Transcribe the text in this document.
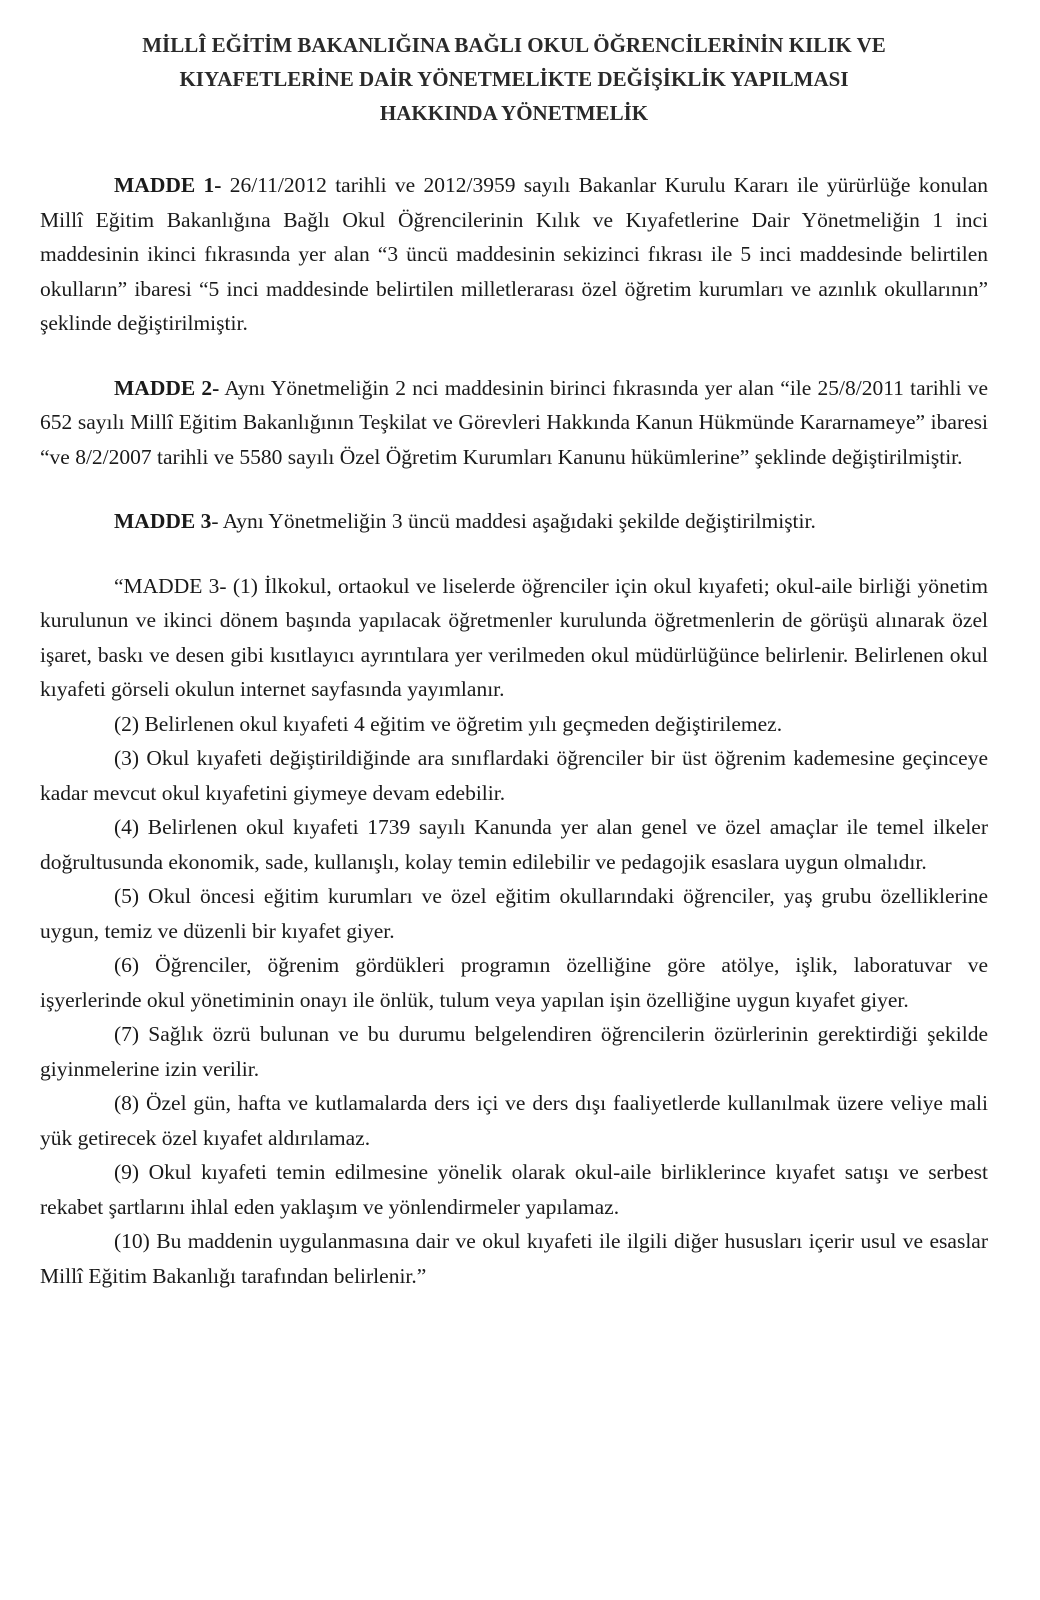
MİLLÎ EĞİTİM BAKANLIĞINA BAĞLI OKUL ÖĞRENCİLERİNİN KILIK VE
KIYAFETLERİNE DAİR YÖNETMELİKTE DEĞİŞİKLİK YAPILMASI
HAKKINDA YÖNETMELİK

MADDE 1- 26/11/2012 tarihli ve 2012/3959 sayılı Bakanlar Kurulu Kararı ile yürürlüğe konulan Millî Eğitim Bakanlığına Bağlı Okul Öğrencilerinin Kılık ve Kıyafetlerine Dair Yönetmeliğin 1 inci maddesinin ikinci fıkrasında yer alan “3 üncü maddesinin sekizinci fıkrası ile 5 inci maddesinde belirtilen okulların” ibaresi “5 inci maddesinde belirtilen milletlerarası özel öğretim kurumları ve azınlık okullarının” şeklinde değiştirilmiştir.

MADDE 2- Aynı Yönetmeliğin 2 nci maddesinin birinci fıkrasında yer alan “ile 25/8/2011 tarihli ve 652 sayılı Millî Eğitim Bakanlığının Teşkilat ve Görevleri Hakkında Kanun Hükmünde Kararnameye” ibaresi “ve 8/2/2007 tarihli ve 5580 sayılı Özel Öğretim Kurumları Kanunu hükümlerine” şeklinde değiştirilmiştir.

MADDE 3- Aynı Yönetmeliğin 3 üncü maddesi aşağıdaki şekilde değiştirilmiştir.

“MADDE 3- (1) İlkokul, ortaokul ve liselerde öğrenciler için okul kıyafeti; okul-aile birliği yönetim kurulunun ve ikinci dönem başında yapılacak öğretmenler kurulunda öğretmenlerin de görüşü alınarak özel işaret, baskı ve desen gibi kısıtlayıcı ayrıntılara yer verilmeden okul müdürlüğünce belirlenir. Belirlenen okul kıyafeti görseli okulun internet sayfasında yayımlanır.

(2) Belirlenen okul kıyafeti 4 eğitim ve öğretim yılı geçmeden değiştirilemez.

(3) Okul kıyafeti değiştirildiğinde ara sınıflardaki öğrenciler bir üst öğrenim kademesine geçinceye kadar mevcut okul kıyafetini giymeye devam edebilir.

(4) Belirlenen okul kıyafeti 1739 sayılı Kanunda yer alan genel ve özel amaçlar ile temel ilkeler doğrultusunda ekonomik, sade, kullanışlı, kolay temin edilebilir ve pedagojik esaslara uygun olmalıdır.

(5) Okul öncesi eğitim kurumları ve özel eğitim okullarındaki öğrenciler, yaş grubu özelliklerine uygun, temiz ve düzenli bir kıyafet giyer.

(6) Öğrenciler, öğrenim gördükleri programın özelliğine göre atölye, işlik, laboratuvar ve işyerlerinde okul yönetiminin onayı ile önlük, tulum veya yapılan işin özelliğine uygun kıyafet giyer.

(7) Sağlık özrü bulunan ve bu durumu belgelendiren öğrencilerin özürlerinin gerektirdiği şekilde giyinmelerine izin verilir.

(8) Özel gün, hafta ve kutlamalarda ders içi ve ders dışı faaliyetlerde kullanılmak üzere veliye mali yük getirecek özel kıyafet aldırılamaz.

(9) Okul kıyafeti temin edilmesine yönelik olarak okul-aile birliklerince kıyafet satışı ve serbest rekabet şartlarını ihlal eden yaklaşım ve yönlendirmeler yapılamaz.

(10) Bu maddenin uygulanmasına dair ve okul kıyafeti ile ilgili diğer hususları içerir usul ve esaslar Millî Eğitim Bakanlığı tarafından belirlenir.”
